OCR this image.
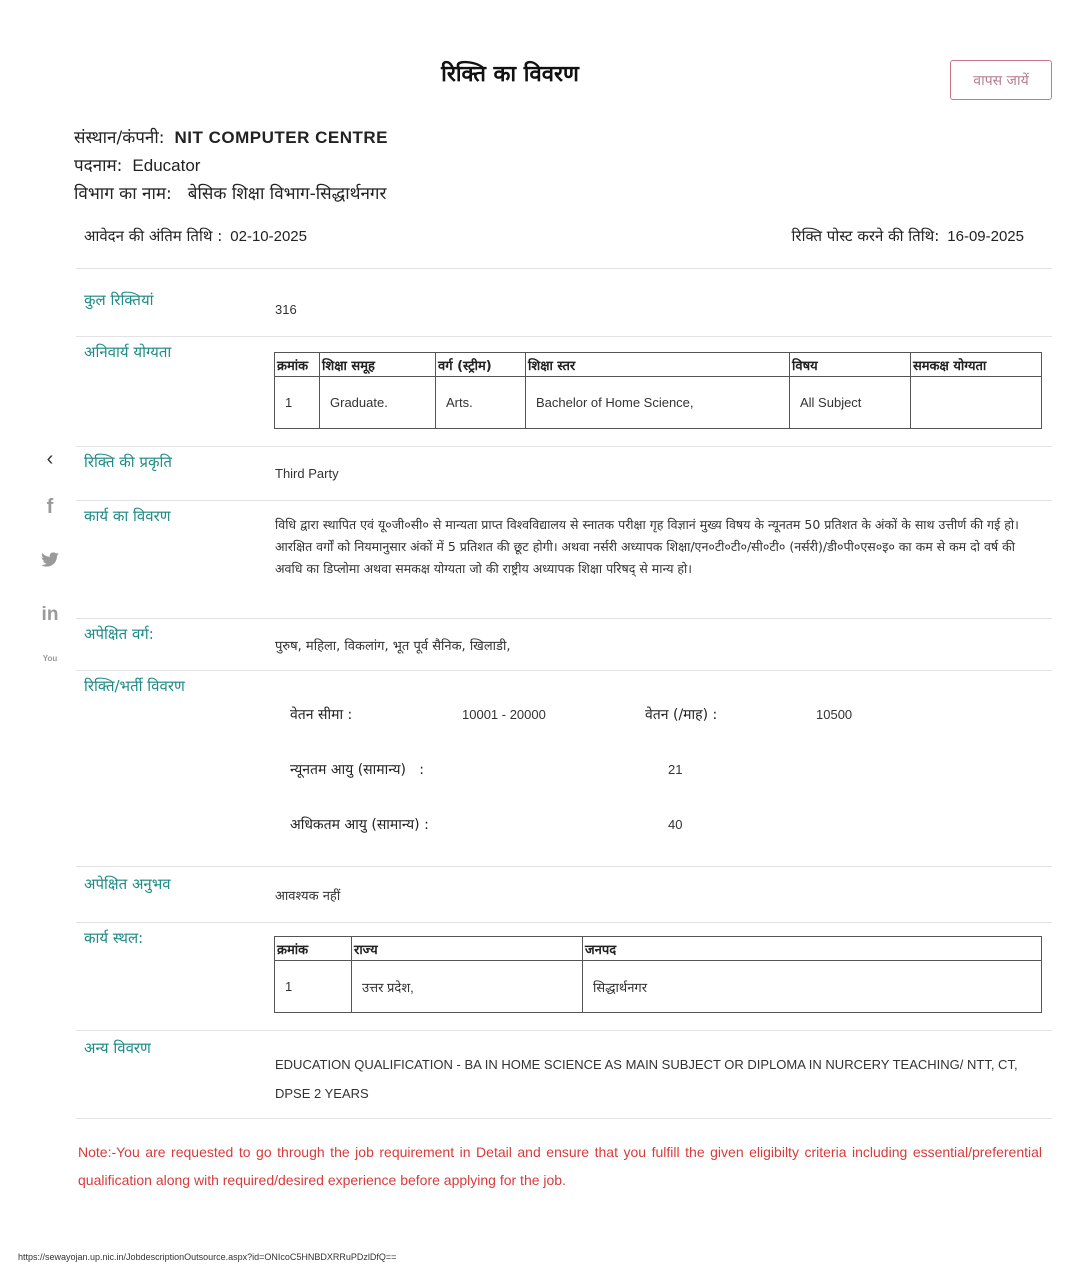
रिक्ति का विवरण	वापस जायें
संस्थान/कंपनी: NIT COMPUTER CENTRE
पदनाम: Educator
विभाग का नाम: बेसिक शिक्षा विभाग-सिद्धार्थनगर
आवेदन की अंतिम तिथि : 02-10-2025	रिक्ति पोस्ट करने की तिथि: 16-09-2025
कुल रिक्तियां
316
अनिवार्य योग्यता
क्रमांक	शिक्षा समूह	वर्ग (स्ट्रीम)	शिक्षा स्तर	विषय	समकक्ष योग्यता
1	Graduate.	Arts.	Bachelor of Home Science,	All Subject	
रिक्ति की प्रकृति
Third Party
कार्य का विवरण	विधि द्वारा स्थापित एवं यू०जी०सी० से मान्यता प्राप्त विश्वविद्यालय से स्नातक परीक्षा गृह विज्ञानं मुख्य विषय के न्यूनतम 50 प्रतिशत के अंकों के साथ उत्तीर्ण की गई हो। आरक्षित वर्गों को नियमानुसार अंकों में 5 प्रतिशत की छूट होगी। अथवा नर्सरी अध्यापक शिक्षा/एन०टी०टी०/सी०टी० (नर्सरी)/डी०पी०एस०इ० का कम से कम दो वर्ष की अवधि का डिप्लोमा अथवा समकक्ष योग्यता जो की राष्ट्रीय अध्यापक शिक्षा परिषद् से मान्य हो।
अपेक्षित वर्ग:
पुरुष, महिला, विकलांग, भूत पूर्व सैनिक, खिलाडी,
रिक्ति/भर्ती विवरण
वेतन सीमा :	10001 - 20000	वेतन (/माह) :	10500
न्यूनतम आयु (सामान्य)   :	21
अधिकतम आयु (सामान्य) :	40
अपेक्षित अनुभव
आवश्यक नहीं
कार्य स्थल:
क्रमांक	राज्य	जनपद
1	उत्तर प्रदेश,	सिद्धार्थनगर
अन्य विवरण
EDUCATION QUALIFICATION - BA IN HOME SCIENCE AS MAIN SUBJECT OR DIPLOMA IN NURCERY TEACHING/ NTT, CT, DPSE 2 YEARS
Note:-You are requested to go through the job requirement in Detail and ensure that you fulfill the given eligibilty criteria including essential/preferential qualification along with required/desired experience before applying for the job.
https://sewayojan.up.nic.in/JobdescriptionOutsource.aspx?id=ONIcoC5HNBDXRRuPDzlDfQ==
‹
f
in
You
